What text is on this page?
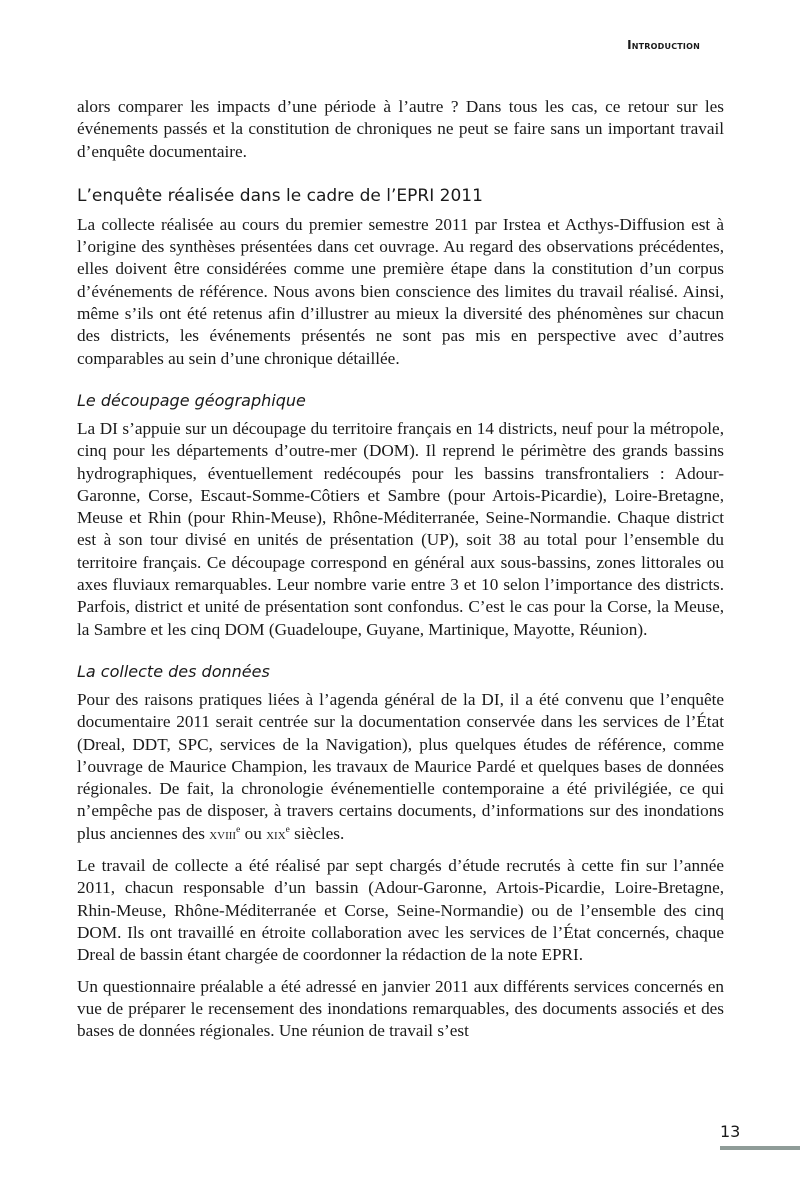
Introduction

alors comparer les impacts d’une période à l’autre ? Dans tous les cas, ce retour sur les événements passés et la constitution de chroniques ne peut se faire sans un important travail d’enquête documentaire.

L’enquête réalisée dans le cadre de l’EPRI 2011

La collecte réalisée au cours du premier semestre 2011 par Irstea et Acthys-Diffusion est à l’origine des synthèses présentées dans cet ouvrage. Au regard des observations précédentes, elles doivent être considérées comme une première étape dans la constitution d’un corpus d’événements de référence. Nous avons bien conscience des limites du travail réalisé. Ainsi, même s’ils ont été retenus afin d’illustrer au mieux la diversité des phénomènes sur chacun des districts, les événements présentés ne sont pas mis en perspective avec d’autres comparables au sein d’une chronique détaillée.

Le découpage géographique

La DI s’appuie sur un découpage du territoire français en 14 districts, neuf pour la métropole, cinq pour les départements d’outre-mer (DOM). Il reprend le périmètre des grands bassins hydrographiques, éventuellement redécoupés pour les bassins transfrontaliers : Adour-Garonne, Corse, Escaut-Somme-Côtiers et Sambre (pour Artois-Picardie), Loire-Bretagne, Meuse et Rhin (pour Rhin-Meuse), Rhône-Méditerranée, Seine-Normandie. Chaque district est à son tour divisé en unités de présentation (UP), soit 38 au total pour l’ensemble du territoire français. Ce découpage correspond en général aux sous-bassins, zones littorales ou axes fluviaux remarquables. Leur nombre varie entre 3 et 10 selon l’importance des districts. Parfois, district et unité de présentation sont confondus. C’est le cas pour la Corse, la Meuse, la Sambre et les cinq DOM (Guadeloupe, Guyane, Martinique, Mayotte, Réunion).

La collecte des données

Pour des raisons pratiques liées à l’agenda général de la DI, il a été convenu que l’enquête documentaire 2011 serait centrée sur la documentation conservée dans les services de l’État (Dreal, DDT, SPC, services de la Navigation), plus quelques études de référence, comme l’ouvrage de Maurice Champion, les travaux de Maurice Pardé et quelques bases de données régionales. De fait, la chronologie événementielle contemporaine a été privilégiée, ce qui n’empêche pas de disposer, à travers certains documents, d’informations sur des inondations plus anciennes des xviii$^e$ ou xix$^e$ siècles.

Le travail de collecte a été réalisé par sept chargés d’étude recrutés à cette fin sur l’année 2011, chacun responsable d’un bassin (Adour-Garonne, Artois-Picardie, Loire-Bretagne, Rhin-Meuse, Rhône-Méditerranée et Corse, Seine-Normandie) ou de l’ensemble des cinq DOM. Ils ont travaillé en étroite collaboration avec les services de l’État concernés, chaque Dreal de bassin étant chargée de coordonner la rédaction de la note EPRI.

Un questionnaire préalable a été adressé en janvier 2011 aux différents services concernés en vue de préparer le recensement des inondations remarquables, des documents associés et des bases de données régionales. Une réunion de travail s’est

13
